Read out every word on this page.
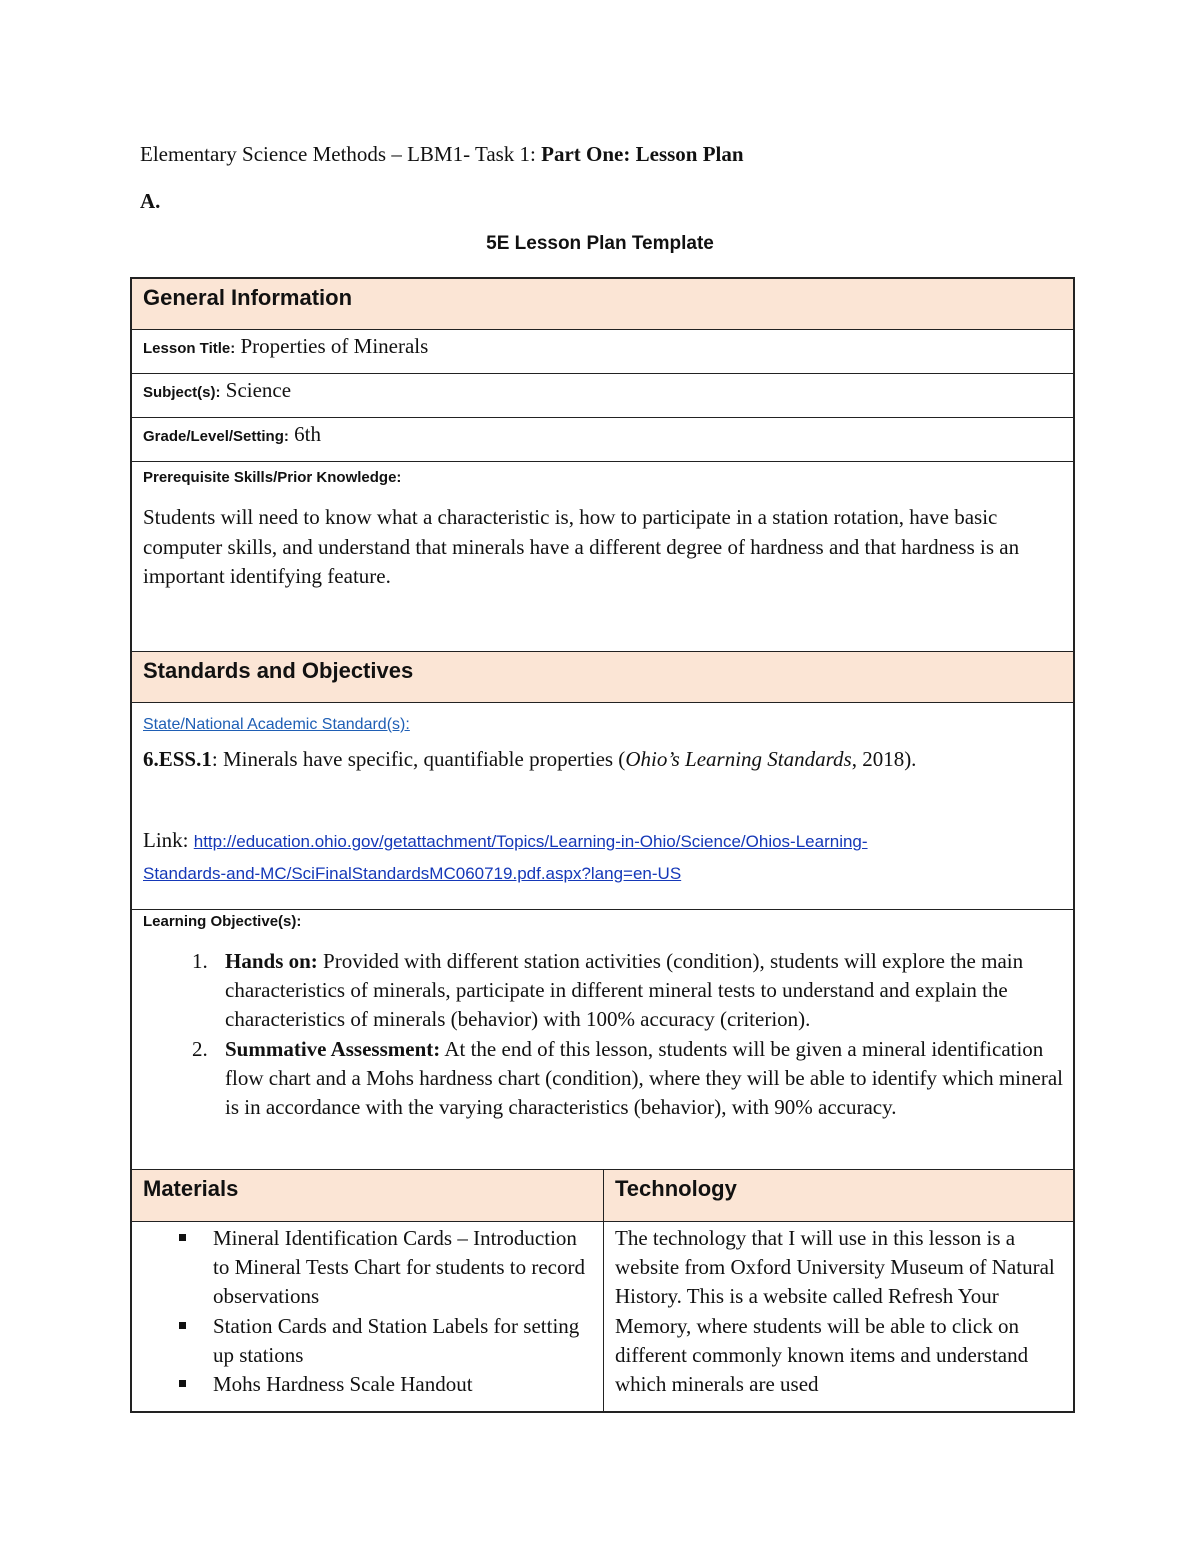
Elementary Science Methods – LBM1- Task 1: Part One: Lesson Plan
A.
5E Lesson Plan Template
General Information
Lesson Title: Properties of Minerals
Subject(s): Science
Grade/Level/Setting: 6th
Prerequisite Skills/Prior Knowledge:
Students will need to know what a characteristic is, how to participate in a station rotation, have basic computer skills, and understand that minerals have a different degree of hardness and that hardness is an important identifying feature.
Standards and Objectives
State/National Academic Standard(s):
6.ESS.1: Minerals have specific, quantifiable properties (Ohio’s Learning Standards, 2018).
Link: http://education.ohio.gov/getattachment/Topics/Learning-in-Ohio/Science/Ohios-Learning-
Standards-and-MC/SciFinalStandardsMC060719.pdf.aspx?lang=en-US
Learning Objective(s):
1. Hands on: Provided with different station activities (condition), students will explore the main characteristics of minerals, participate in different mineral tests to understand and explain the characteristics of minerals (behavior) with 100% accuracy (criterion).
2. Summative Assessment: At the end of this lesson, students will be given a mineral identification flow chart and a Mohs hardness chart (condition), where they will be able to identify which mineral is in accordance with the varying characteristics (behavior), with 90% accuracy.
Materials	Technology
Mineral Identification Cards – Introduction to Mineral Tests Chart for students to record observations
Station Cards and Station Labels for setting up stations
Mohs Hardness Scale Handout
The technology that I will use in this lesson is a website from Oxford University Museum of Natural History. This is a website called Refresh Your Memory, where students will be able to click on different commonly known items and understand which minerals are used
